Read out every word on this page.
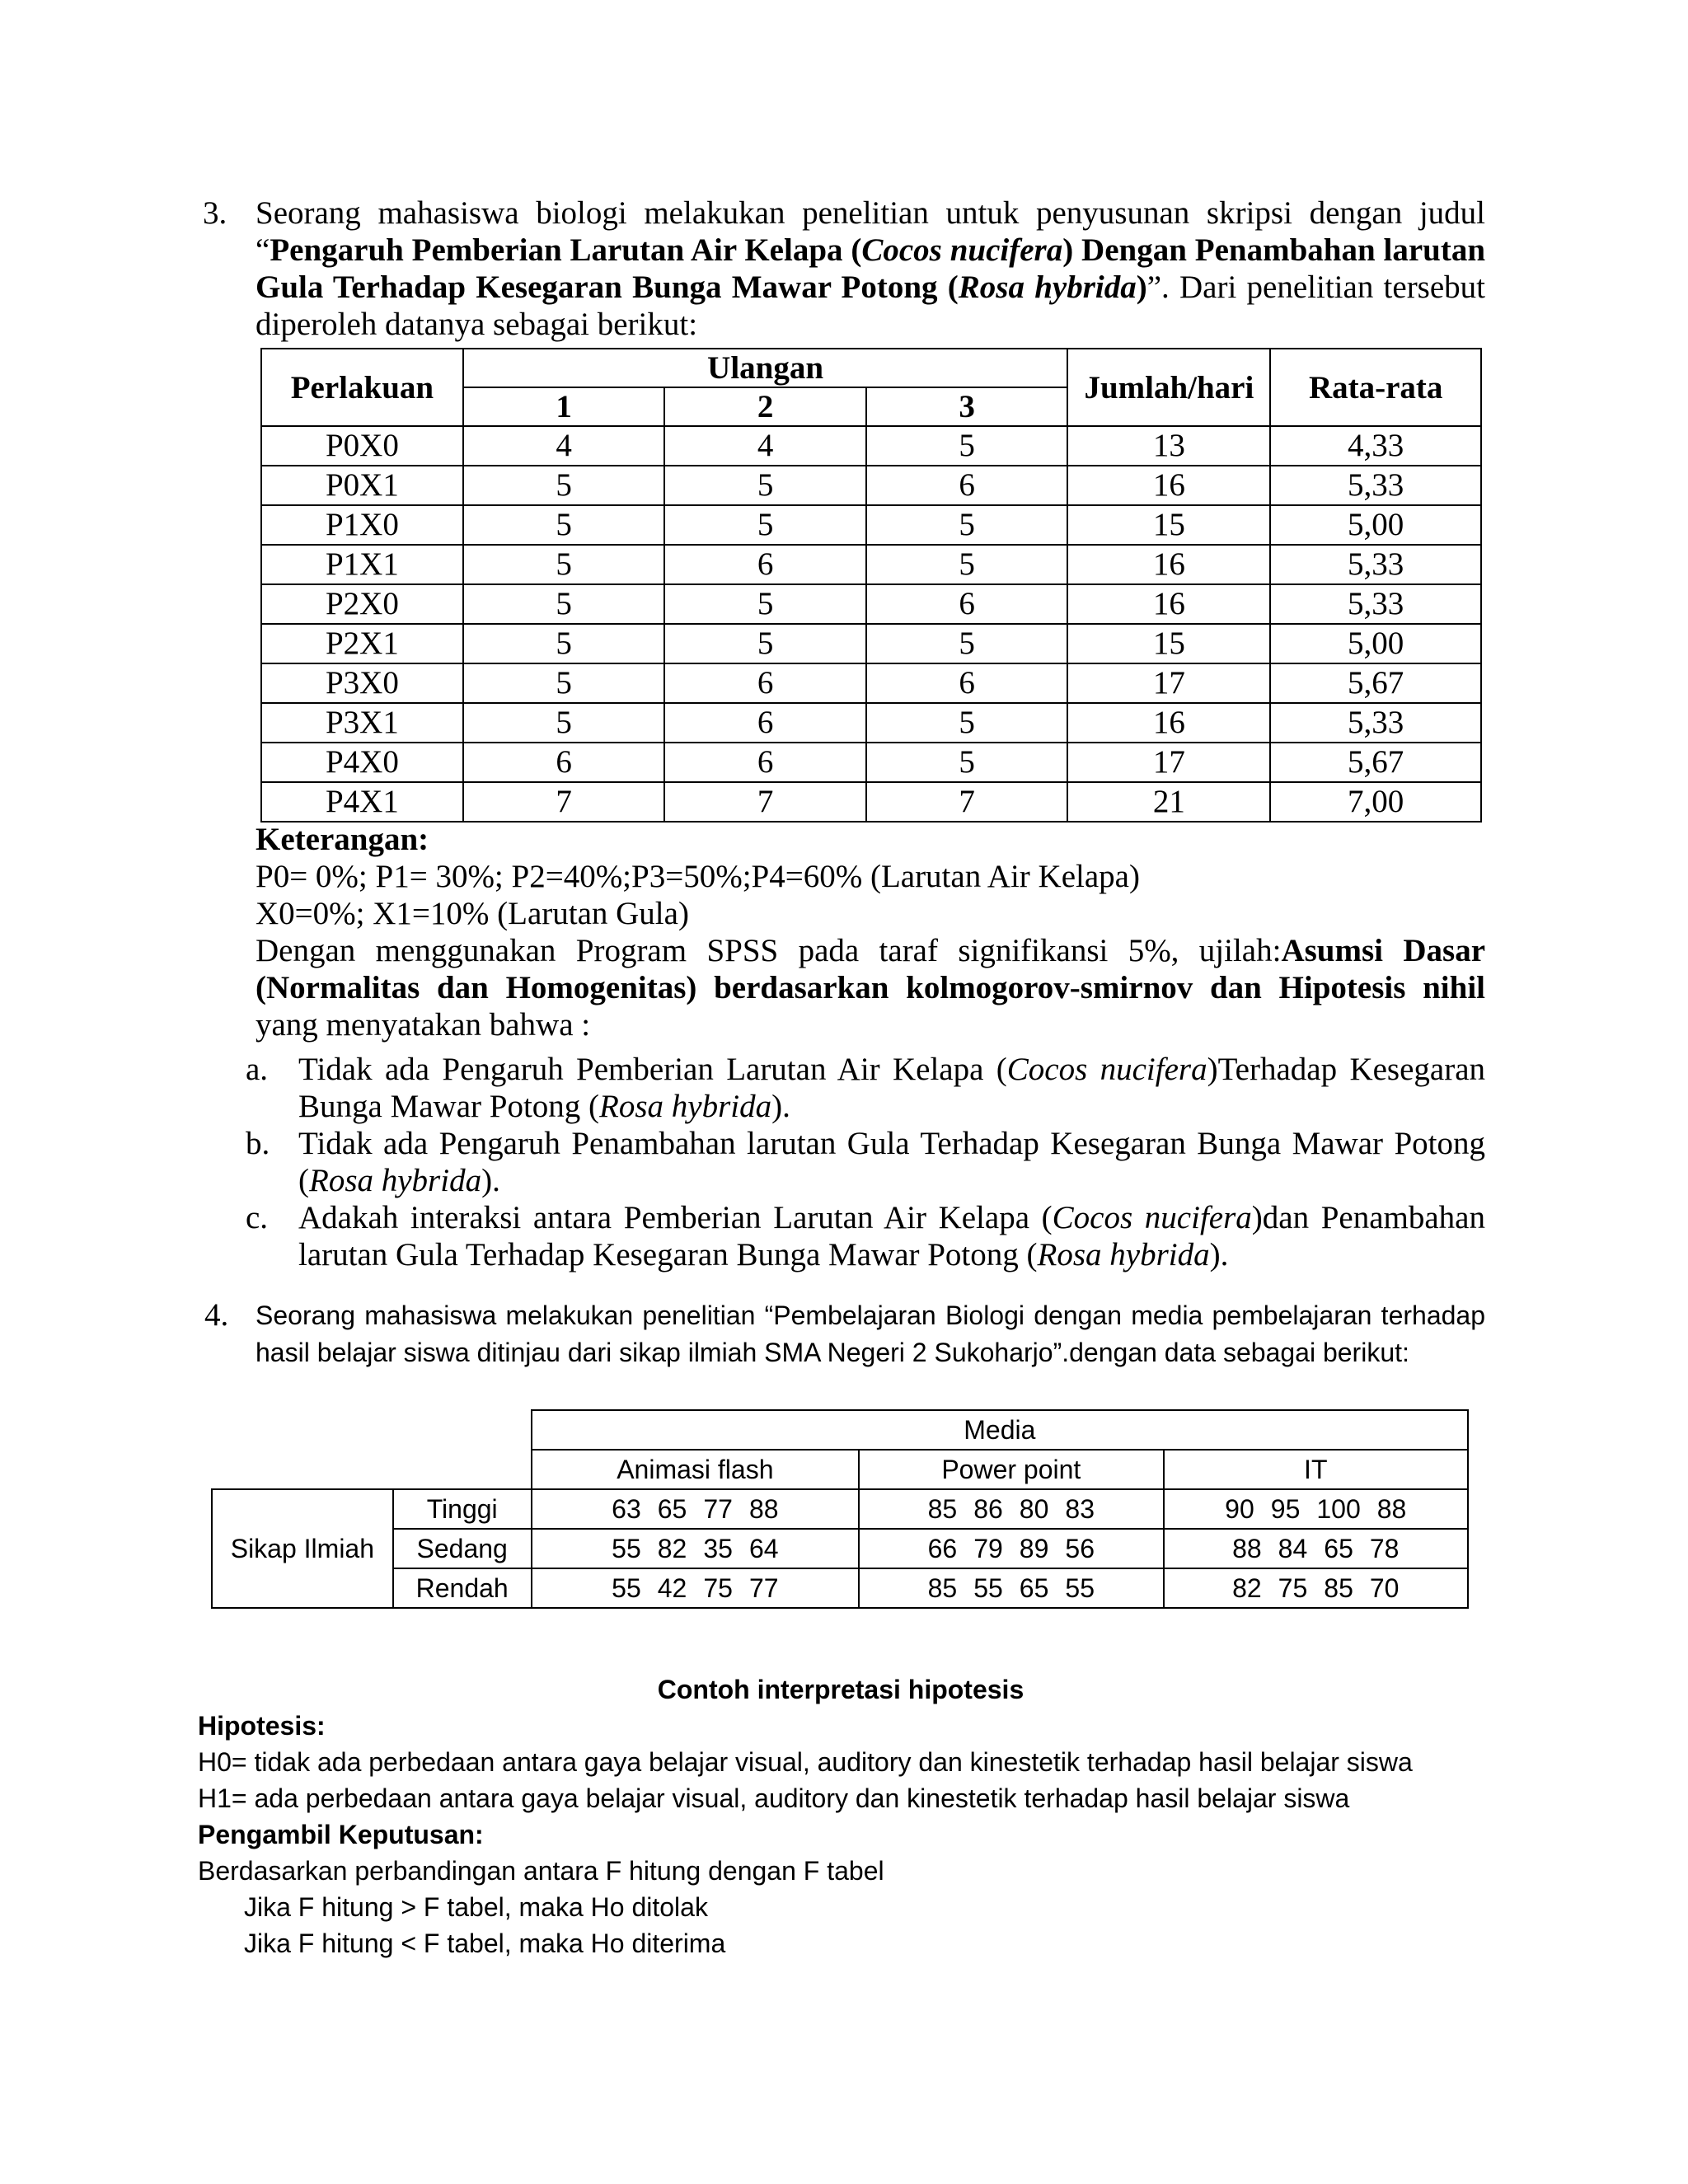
3. Seorang mahasiswa biologi melakukan penelitian untuk penyusunan skripsi dengan judul “Pengaruh Pemberian Larutan Air Kelapa (Cocos nucifera) Dengan Penambahan larutan Gula Terhadap Kesegaran Bunga Mawar Potong (Rosa hybrida)”. Dari penelitian tersebut diperoleh datanya sebagai berikut:
Perlakuan	Ulangan			Jumlah/hari	Rata-rata
	1	2	3		
P0X0	4	4	5	13	4,33
P0X1	5	5	6	16	5,33
P1X0	5	5	5	15	5,00
P1X1	5	6	5	16	5,33
P2X0	5	5	6	16	5,33
P2X1	5	5	5	15	5,00
P3X0	5	6	6	17	5,67
P3X1	5	6	5	16	5,33
P4X0	6	6	5	17	5,67
P4X1	7	7	7	21	7,00
Keterangan:
P0= 0%; P1= 30%; P2=40%;P3=50%;P4=60% (Larutan Air Kelapa)
X0=0%; X1=10% (Larutan Gula)
Dengan menggunakan Program SPSS pada taraf signifikansi 5%, ujilah:Asumsi Dasar (Normalitas dan Homogenitas) berdasarkan kolmogorov-smirnov dan Hipotesis nihil yang menyatakan bahwa :
a. Tidak ada Pengaruh Pemberian Larutan Air Kelapa (Cocos nucifera)Terhadap Kesegaran Bunga Mawar Potong (Rosa hybrida).
b. Tidak ada Pengaruh Penambahan larutan Gula Terhadap Kesegaran Bunga Mawar Potong (Rosa hybrida).
c. Adakah interaksi antara Pemberian Larutan Air Kelapa (Cocos nucifera)dan Penambahan larutan Gula Terhadap Kesegaran Bunga Mawar Potong (Rosa hybrida).
4. Seorang mahasiswa melakukan penelitian “Pembelajaran Biologi dengan media pembelajaran terhadap hasil belajar siswa ditinjau dari sikap ilmiah SMA Negeri 2 Sukoharjo”.dengan data sebagai berikut:
		Media		
		Animasi flash	Power point	IT
Sikap Ilmiah	Tinggi	63 65 77 88	85 86 80 83	90 95 100 88
	Sedang	55 82 35 64	66 79 89 56	88 84 65 78
	Rendah	55 42 75 77	85 55 65 55	82 75 85 70
Contoh interpretasi hipotesis
Hipotesis:
H0= tidak ada perbedaan antara gaya belajar visual, auditory dan kinestetik terhadap hasil belajar siswa
H1= ada perbedaan antara gaya belajar visual, auditory dan kinestetik terhadap hasil belajar siswa
Pengambil Keputusan:
Berdasarkan perbandingan antara F hitung dengan F tabel
Jika F hitung > F tabel, maka Ho ditolak
Jika F hitung < F tabel, maka Ho diterima
